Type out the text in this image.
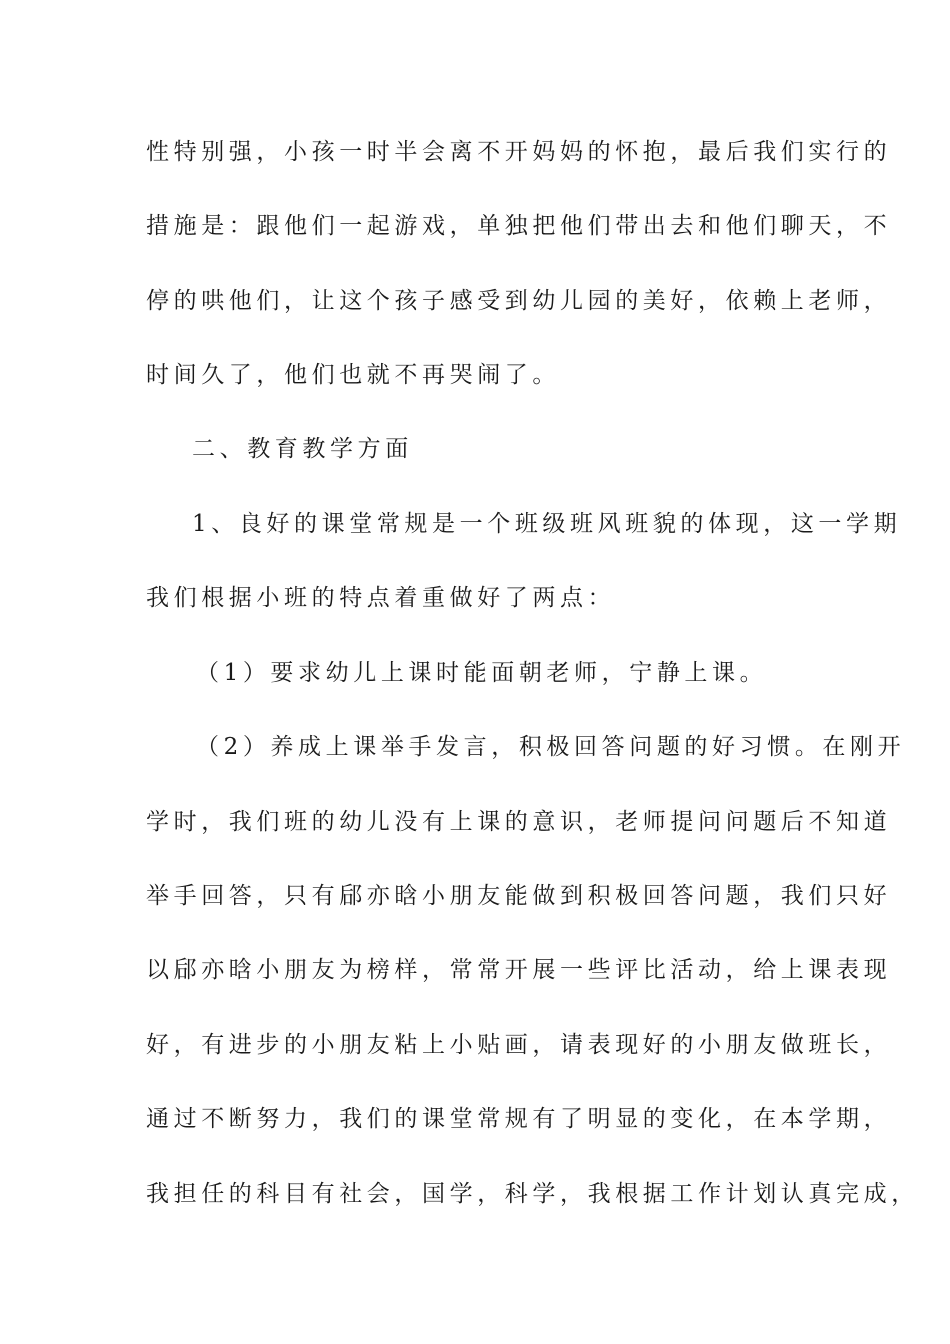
性特别强，小孩一时半会离不开妈妈的怀抱，最后我们实行的
措施是：跟他们一起游戏，单独把他们带出去和他们聊天，不
停的哄他们，让这个孩子感受到幼儿园的美好，依赖上老师，
时间久了，他们也就不再哭闹了。
二、教育教学方面
1、良好的课堂常规是一个班级班风班貌的体现，这一学期
我们根据小班的特点着重做好了两点：
（1）要求幼儿上课时能面朝老师，宁静上课。
（2）养成上课举手发言，积极回答问题的好习惯。在刚开
学时，我们班的幼儿没有上课的意识，老师提问问题后不知道
举手回答，只有郈亦晗小朋友能做到积极回答问题，我们只好
以郈亦晗小朋友为榜样，常常开展一些评比活动，给上课表现
好，有进步的小朋友粘上小贴画，请表现好的小朋友做班长，
通过不断努力，我们的课堂常规有了明显的变化，在本学期，
我担任的科目有社会，国学，科学，我根据工作计划认真完成，
